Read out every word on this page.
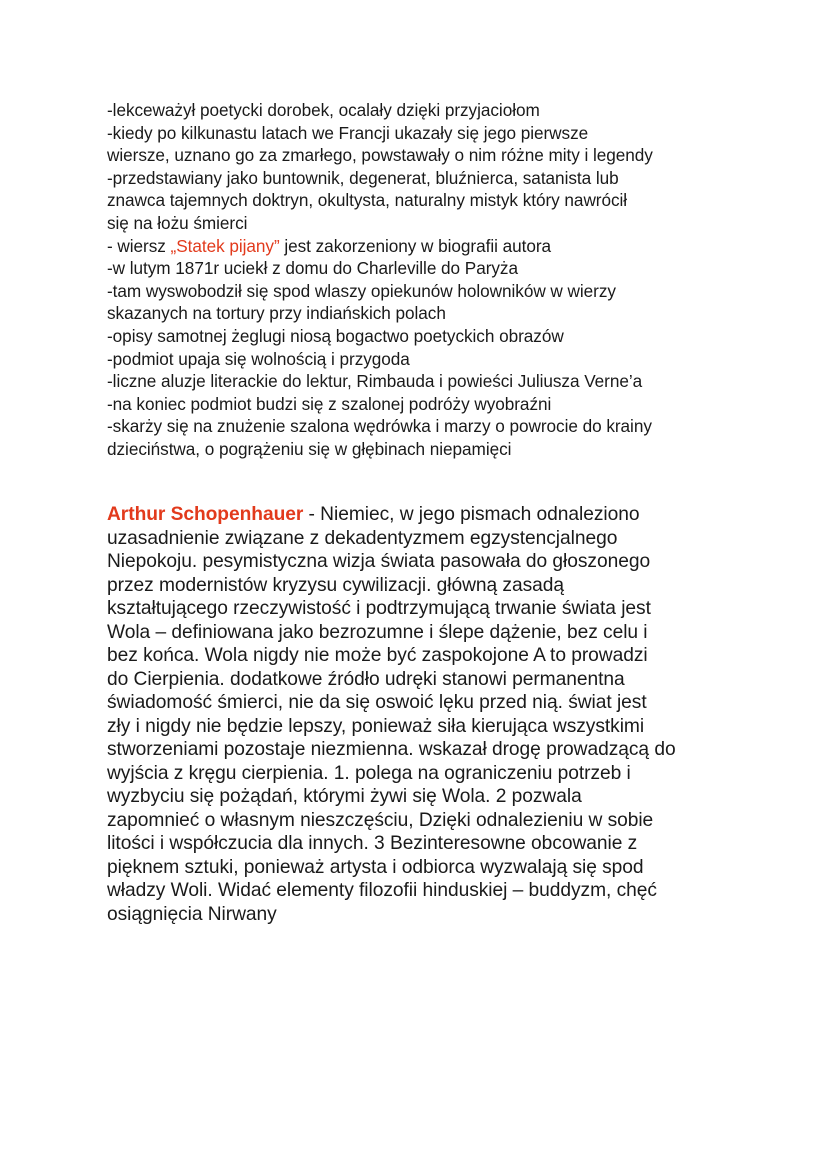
-lekceważył poetycki dorobek, ocalały dzięki przyjaciołom
-kiedy po kilkunastu latach we Francji ukazały się jego pierwsze
wiersze, uznano go za zmarłego, powstawały o nim różne mity i legendy
-przedstawiany jako buntownik, degenerat, bluźnierca, satanista lub
znawca tajemnych doktryn, okultysta, naturalny mistyk który nawrócił
się na łożu śmierci
- wiersz „Statek pijany” jest zakorzeniony w biografii autora
-w lutym 1871r uciekł z domu do Charleville do Paryża
-tam wyswobodził się spod wlaszy opiekunów holowników w wierzy
skazanych na tortury przy indiańskich polach
-opisy samotnej żeglugi niosą bogactwo poetyckich obrazów
-podmiot upaja się wolnością i przygoda
-liczne aluzje literackie do lektur, Rimbauda i powieści Juliusza Verne’a
-na koniec podmiot budzi się z szalonej podróży wyobraźni
-skarży się na znużenie szalona wędrówka i marzy o powrocie do krainy
dzieciństwa, o pogrążeniu się w głębinach niepamięci
Arthur Schopenhauer - Niemiec, w jego pismach odnaleziono
uzasadnienie związane z dekadentyzmem egzystencjalnego
Niepokoju. pesymistyczna wizja świata pasowała do głoszonego
przez modernistów kryzysu cywilizacji. główną zasadą
kształtującego rzeczywistość i podtrzymującą trwanie świata jest
Wola – definiowana jako bezrozumne i ślepe dążenie, bez celu i
bez końca. Wola nigdy nie może być zaspokojone A to prowadzi
do Cierpienia. dodatkowe źródło udręki stanowi permanentna
świadomość śmierci, nie da się oswoić lęku przed nią. świat jest
zły i nigdy nie będzie lepszy, ponieważ siła kierująca wszystkimi
stworzeniami pozostaje niezmienna. wskazał drogę prowadzącą do
wyjścia z kręgu cierpienia. 1. polega na ograniczeniu potrzeb i
wyzbyciu się pożądań, którymi żywi się Wola. 2 pozwala
zapomnieć o własnym nieszczęściu, Dzięki odnalezieniu w sobie
litości i współczucia dla innych. 3 Bezinteresowne obcowanie z
pięknem sztuki, ponieważ artysta i odbiorca wyzwalają się spod
władzy Woli. Widać elementy filozofii hinduskiej – buddyzm, chęć
osiągnięcia Nirwany
